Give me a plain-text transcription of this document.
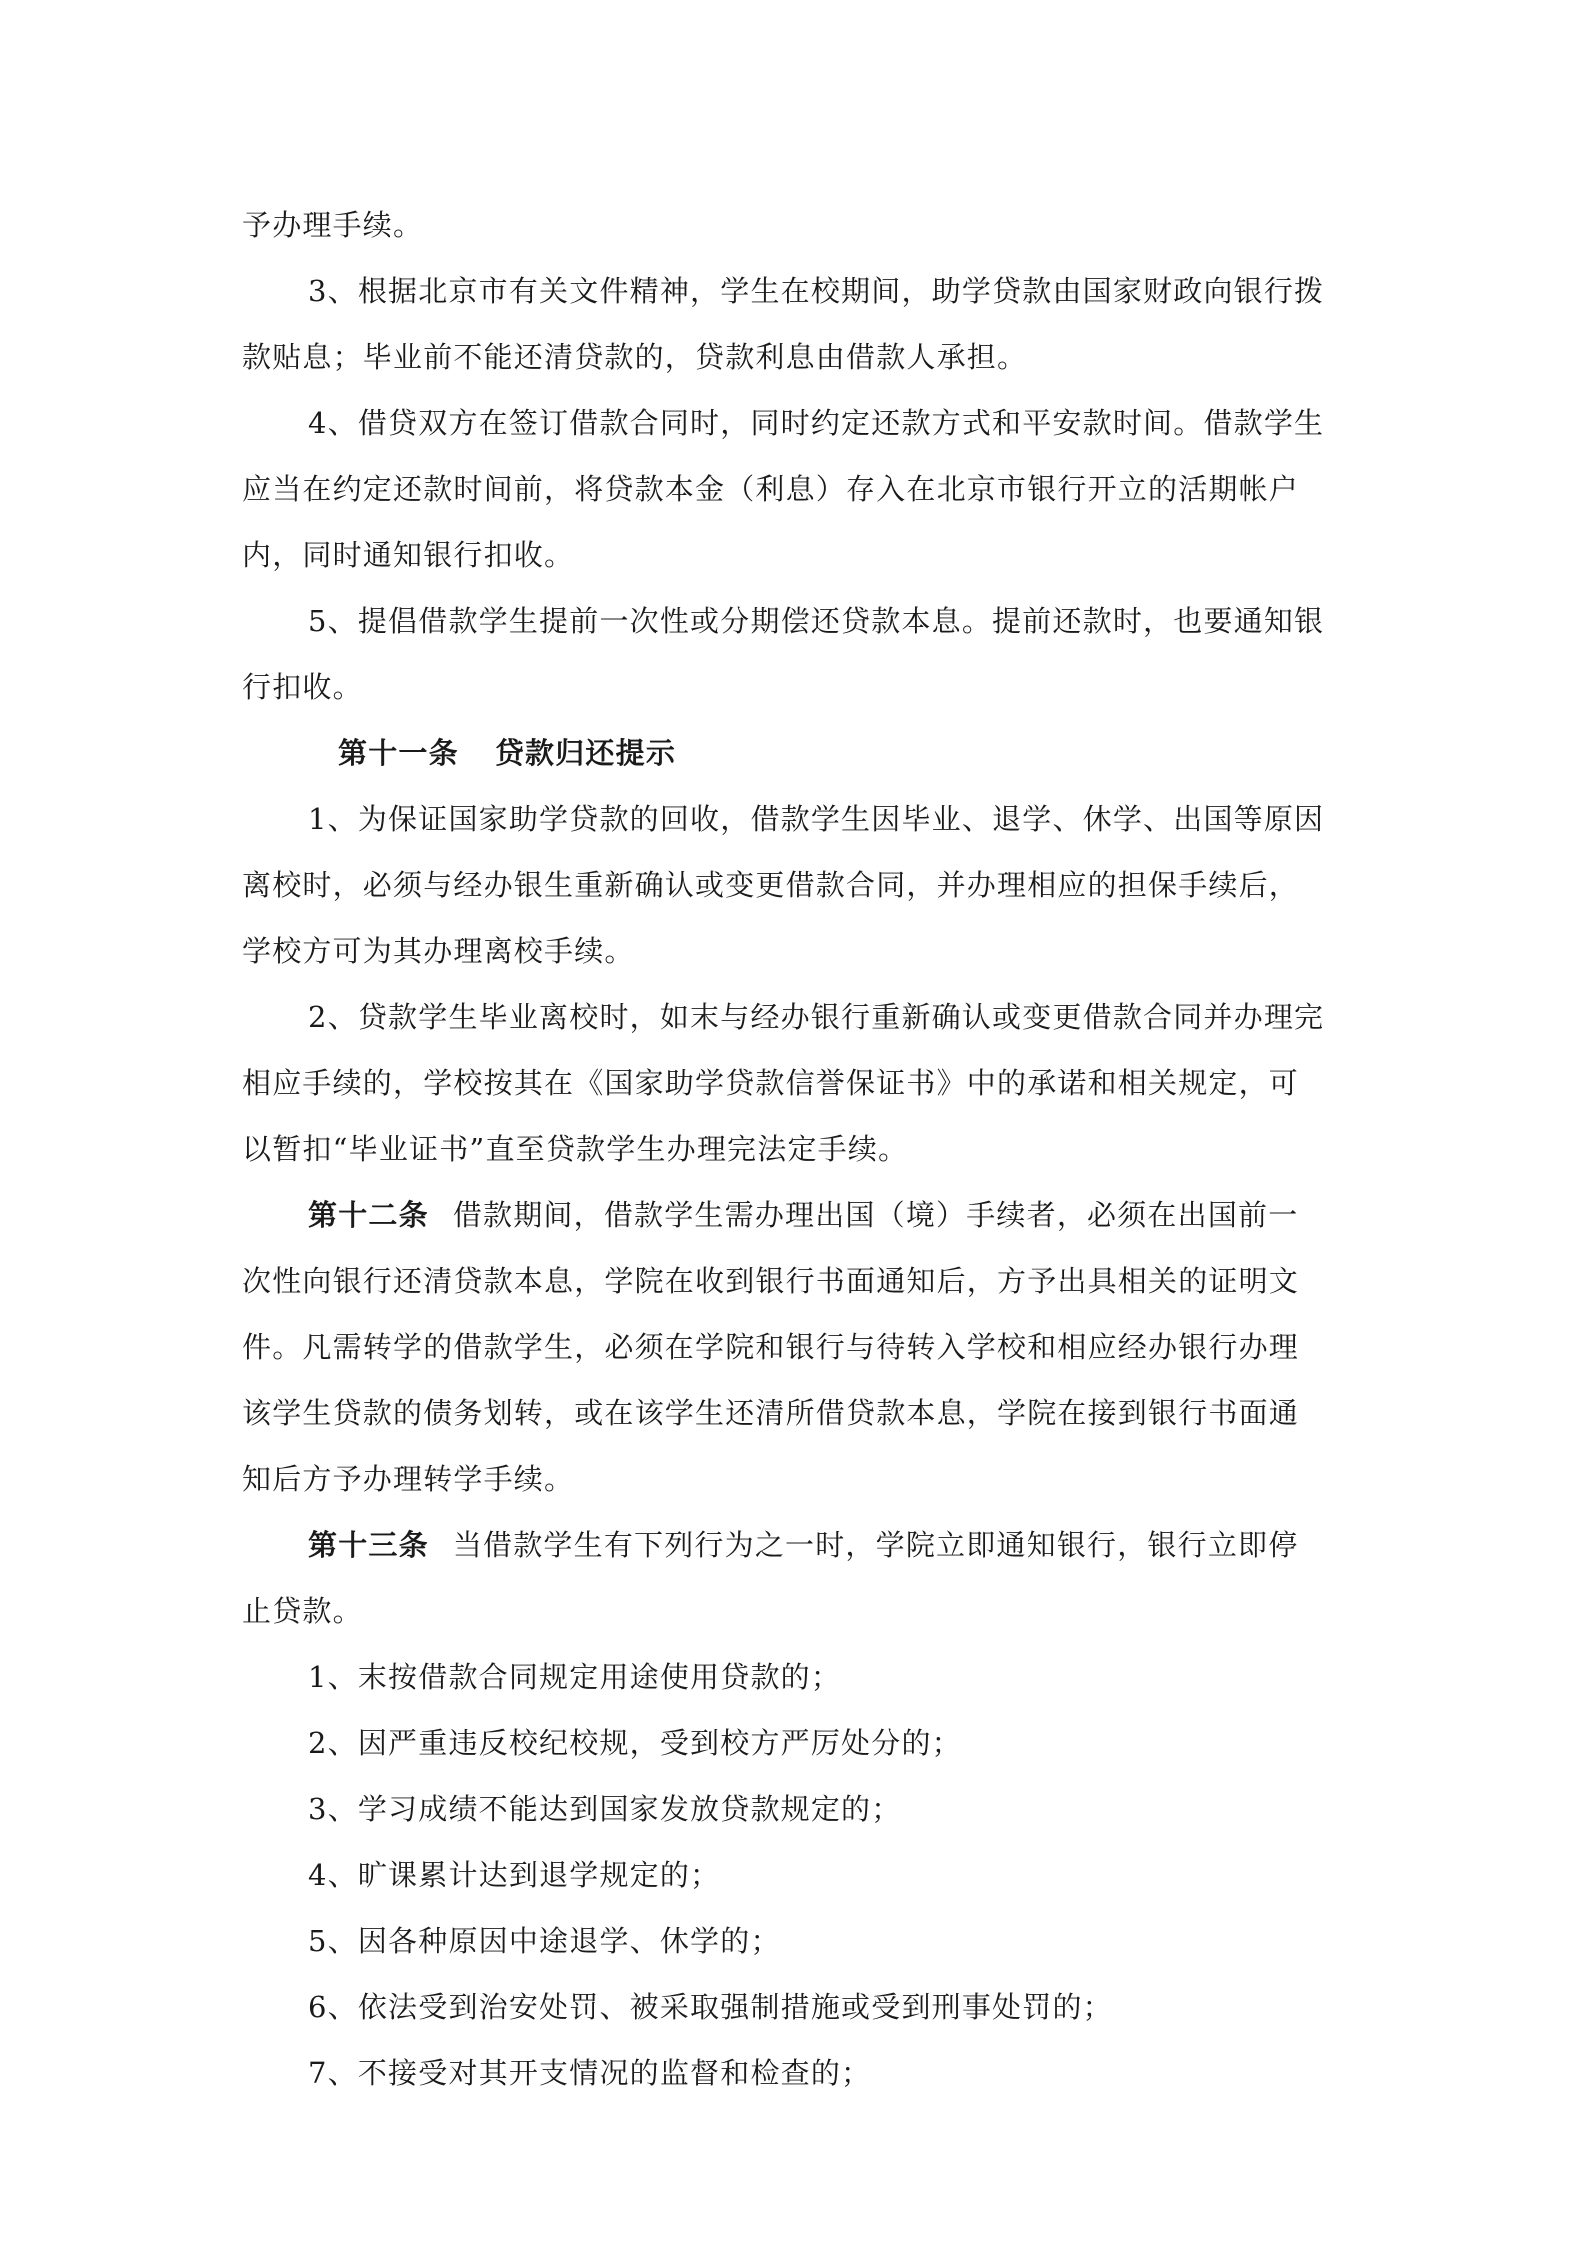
予办理手续。
3、根据北京市有关文件精神，学生在校期间，助学贷款由国家财政向银行拨
款贴息；毕业前不能还清贷款的，贷款利息由借款人承担。
4、借贷双方在签订借款合同时，同时约定还款方式和平安款时间。借款学生
应当在约定还款时间前，将贷款本金（利息）存入在北京市银行开立的活期帐户
内，同时通知银行扣收。
5、提倡借款学生提前一次性或分期偿还贷款本息。提前还款时，也要通知银
行扣收。
第十一条 贷款归还提示
1、为保证国家助学贷款的回收，借款学生因毕业、退学、休学、出国等原因
离校时，必须与经办银生重新确认或变更借款合同，并办理相应的担保手续后，
学校方可为其办理离校手续。
2、贷款学生毕业离校时，如末与经办银行重新确认或变更借款合同并办理完
相应手续的，学校按其在《国家助学贷款信誉保证书》中的承诺和相关规定，可
以暂扣“毕业证书”直至贷款学生办理完法定手续。
第十二条 借款期间，借款学生需办理出国（境）手续者，必须在出国前一
次性向银行还清贷款本息，学院在收到银行书面通知后，方予出具相关的证明文
件。凡需转学的借款学生，必须在学院和银行与待转入学校和相应经办银行办理
该学生贷款的债务划转，或在该学生还清所借贷款本息，学院在接到银行书面通
知后方予办理转学手续。
第十三条 当借款学生有下列行为之一时，学院立即通知银行，银行立即停
止贷款。
1、末按借款合同规定用途使用贷款的；
2、因严重违反校纪校规，受到校方严厉处分的；
3、学习成绩不能达到国家发放贷款规定的；
4、旷课累计达到退学规定的；
5、因各种原因中途退学、休学的；
6、依法受到治安处罚、被采取强制措施或受到刑事处罚的；
7、不接受对其开支情况的监督和检查的；
